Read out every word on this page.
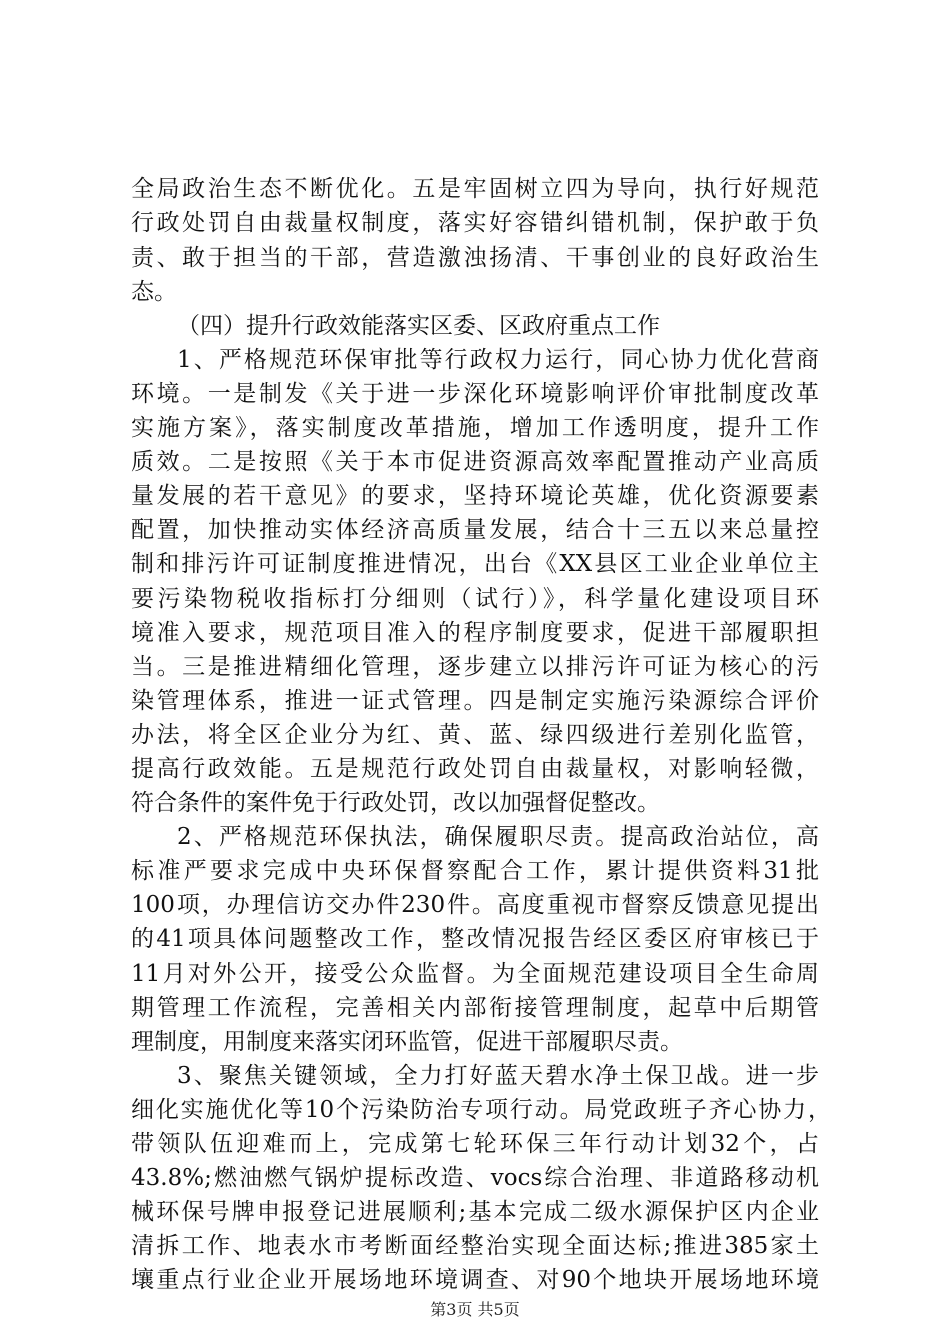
全局政治生态不断优化。五是牢固树立四为导向，执行好规范
行政处罚自由裁量权制度，落实好容错纠错机制，保护敢于负
责、敢于担当的干部，营造激浊扬清、干事创业的良好政治生
态。
（四）提升行政效能落实区委、区政府重点工作
1、严格规范环保审批等行政权力运行，同心协力优化营商
环境。一是制发《关于进一步深化环境影响评价审批制度改革
实施方案》，落实制度改革措施，增加工作透明度，提升工作
质效。二是按照《关于本市促进资源高效率配置推动产业高质
量发展的若干意见》的要求，坚持环境论英雄，优化资源要素
配置，加快推动实体经济高质量发展，结合十三五以来总量控
制和排污许可证制度推进情况，出台《XX县区工业企业单位主
要污染物税收指标打分细则（试行）》，科学量化建设项目环
境准入要求，规范项目准入的程序制度要求，促进干部履职担
当。三是推进精细化管理，逐步建立以排污许可证为核心的污
染管理体系，推进一证式管理。四是制定实施污染源综合评价
办法，将全区企业分为红、黄、蓝、绿四级进行差别化监管，
提高行政效能。五是规范行政处罚自由裁量权，对影响轻微，
符合条件的案件免于行政处罚，改以加强督促整改。
2、严格规范环保执法，确保履职尽责。提高政治站位，高
标准严要求完成中央环保督察配合工作，累计提供资料31批
100项，办理信访交办件230件。高度重视市督察反馈意见提出
的41项具体问题整改工作，整改情况报告经区委区府审核已于
11月对外公开，接受公众监督。为全面规范建设项目全生命周
期管理工作流程，完善相关内部衔接管理制度，起草中后期管
理制度，用制度来落实闭环监管，促进干部履职尽责。
3、聚焦关键领域，全力打好蓝天碧水净土保卫战。进一步
细化实施优化等10个污染防治专项行动。局党政班子齐心协力，
带领队伍迎难而上，完成第七轮环保三年行动计划32个，占
43.8%;燃油燃气锅炉提标改造、vocs综合治理、非道路移动机
械环保号牌申报登记进展顺利;基本完成二级水源保护区内企业
清拆工作、地表水市考断面经整治实现全面达标;推进385家土
壤重点行业企业开展场地环境调查、对90个地块开展场地环境
第3页 共5页
